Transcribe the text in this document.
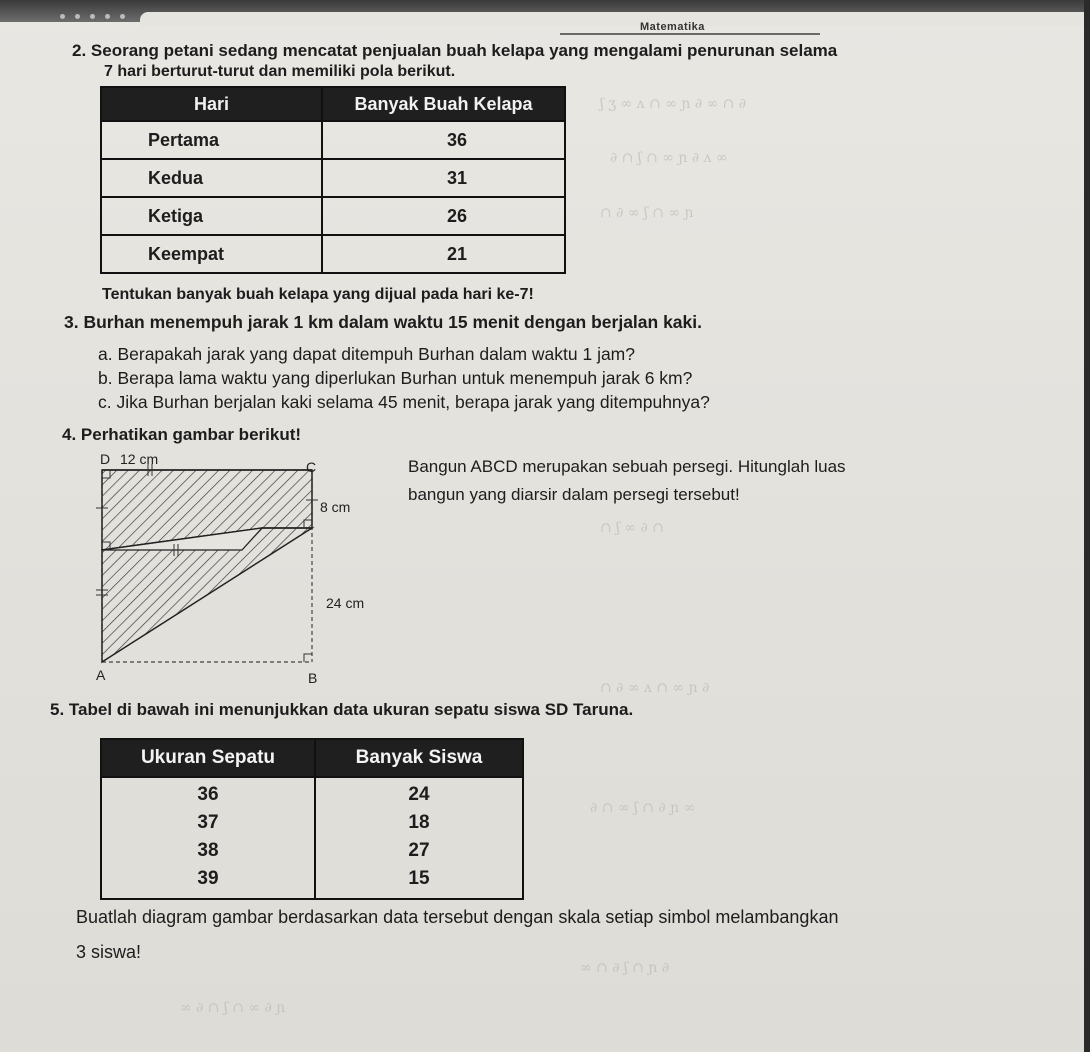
Matematika
ʃ ʒ ∞ ʌ ∩ ∞ ɲ ∂ ∞ ∩ ∂
∂ ∩ ʃ ∩ ∞ ɲ ∂ ʌ ∞
∩ ∂ ∞ ʃ ∩ ∞ ɲ
∩ ʃ ∞ ∂ ∩
∩ ∂ ∞ ʌ ∩ ∞ ɲ ∂
∂ ∩ ∞ ʃ ∩ ∂ ɲ ∞
∞ ∩ ∂ ʃ ∩ ɲ ∂
∞ ∂ ∩ ʃ ∩ ∞ ∂ ɲ
2. Seorang petani sedang mencatat penjualan buah kelapa yang mengalami penurunan selama
7 hari berturut-turut dan memiliki pola berikut.
Hari	Banyak Buah Kelapa
Pertama	36
Kedua	31
Ketiga	26
Keempat	21
Tentukan banyak buah kelapa yang dijual pada hari ke-7!
3. Burhan menempuh jarak 1 km dalam waktu 15 menit dengan berjalan kaki.
a. Berapakah jarak yang dapat ditempuh Burhan dalam waktu 1 jam?
b. Berapa lama waktu yang diperlukan Burhan untuk menempuh jarak 6 km?
c. Jika Burhan berjalan kaki selama 45 menit, berapa jarak yang ditempuhnya?
4. Perhatikan gambar berikut!
Bangun ABCD merupakan sebuah persegi. Hitunglah luas
bangun yang diarsir dalam persegi tersebut!
D 12 cm	C
8 cm
24 cm
A	B
5. Tabel di bawah ini menunjukkan data ukuran sepatu siswa SD Taruna.
Ukuran Sepatu	Banyak Siswa
36	24
37	18
38	27
39	15
Buatlah diagram gambar berdasarkan data tersebut dengan skala setiap simbol melambangkan
3 siswa!
